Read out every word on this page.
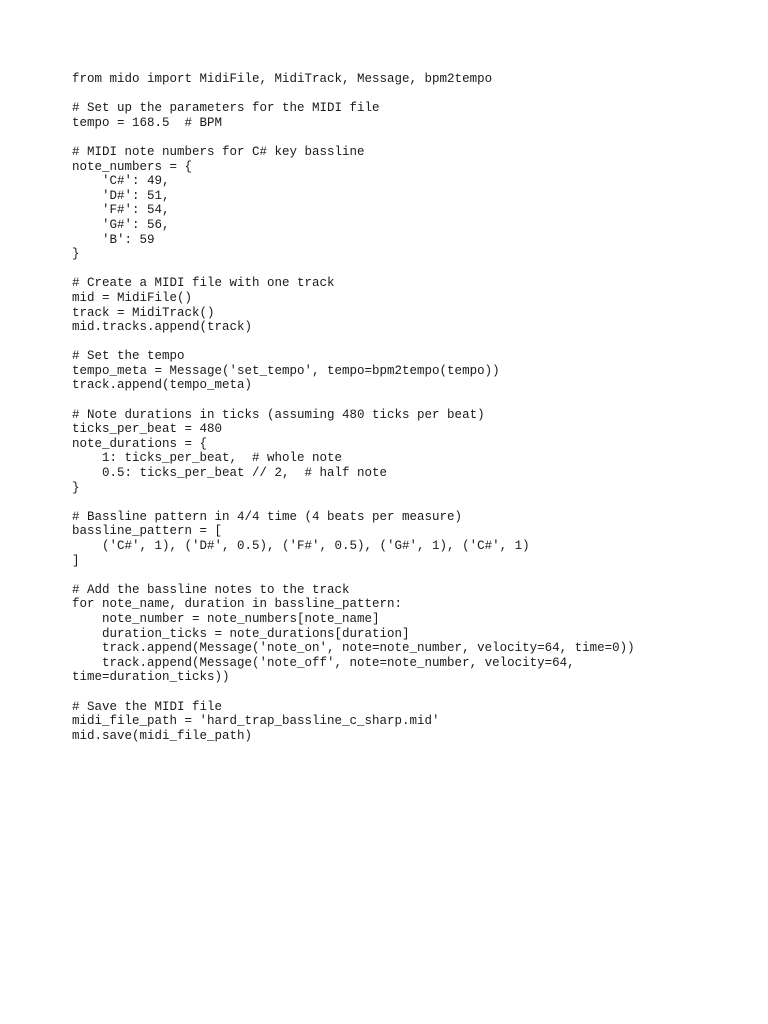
from mido import MidiFile, MidiTrack, Message, bpm2tempo
# Set up the parameters for the MIDI file
tempo = 168.5  # BPM
# MIDI note numbers for C# key bassline
note_numbers = {
'C#': 49,
'D#': 51,
'F#': 54,
'G#': 56,
'B': 59
}
# Create a MIDI file with one track
mid = MidiFile()
track = MidiTrack()
mid.tracks.append(track)
# Set the tempo
tempo_meta = Message('set_tempo', tempo=bpm2tempo(tempo))
track.append(tempo_meta)
# Note durations in ticks (assuming 480 ticks per beat)
ticks_per_beat = 480
note_durations = {
1: ticks_per_beat,  # whole note
0.5: ticks_per_beat // 2,  # half note
}
# Bassline pattern in 4/4 time (4 beats per measure)
bassline_pattern = [
('C#', 1), ('D#', 0.5), ('F#', 0.5), ('G#', 1), ('C#', 1)
]
# Add the bassline notes to the track
for note_name, duration in bassline_pattern:
note_number = note_numbers[note_name]
duration_ticks = note_durations[duration]
track.append(Message('note_on', note=note_number, velocity=64, time=0))
track.append(Message('note_off', note=note_number, velocity=64,
time=duration_ticks))
# Save the MIDI file
midi_file_path = 'hard_trap_bassline_c_sharp.mid'
mid.save(midi_file_path)
